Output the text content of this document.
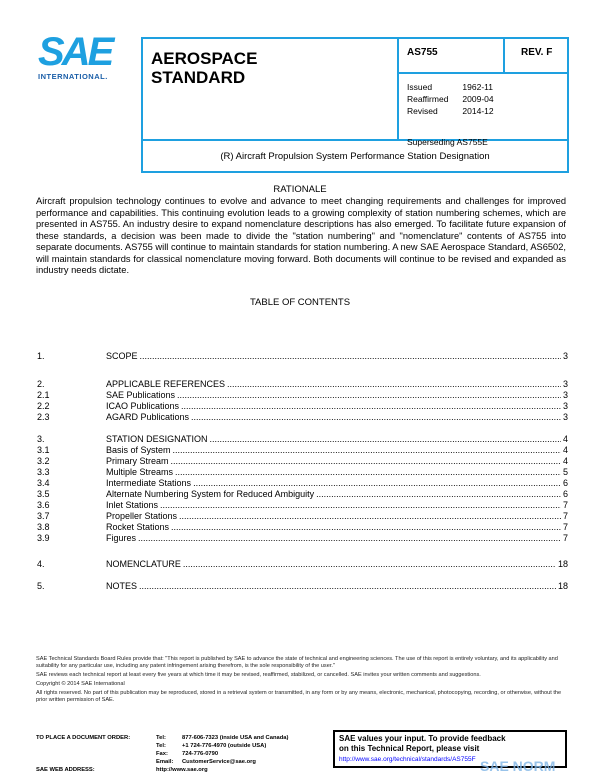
SAE
INTERNATIONAL.
AEROSPACE
STANDARD
AS755	REV. F
Issued	1962-11
Reaffirmed	2009-04
Revised	2014-12
Superseding AS755E
(R) Aircraft Propulsion System Performance Station Designation
RATIONALE
Aircraft propulsion technology continues to evolve and advance to meet changing requirements and challenges for improved performance and capabilities. This continuing evolution leads to a growing complexity of station numbering schemes, which are presented in AS755. An industry desire to expand nomenclature descriptions has also emerged. To facilitate future expansion of these standards, a decision was been made to divide the "station numbering" and "nomenclature" contents of AS755 into separate documents. AS755 will continue to maintain standards for station numbering. A new SAE Aerospace Standard, AS6502, will maintain standards for classical nomenclature moving forward. Both documents will continue to be revised and expanded as industry needs dictate.
TABLE OF CONTENTS
1.	SCOPE .....	3
2.	APPLICABLE REFERENCES .....	3
2.1	SAE Publications .....	3
2.2	ICAO Publications .....	3
2.3	AGARD Publications .....	3
3.	STATION DESIGNATION .....	4
3.1	Basis of System .....	4
3.2	Primary Stream .....	4
3.3	Multiple Streams .....	5
3.4	Intermediate Stations .....	6
3.5	Alternate Numbering System for Reduced Ambiguity .....	6
3.6	Inlet Stations .....	7
3.7	Propeller Stations .....	7
3.8	Rocket Stations .....	7
3.9	Figures .....	7
4.	NOMENCLATURE .....	18
5.	NOTES .....	18

SAE Technical Standards Board Rules provide that: "This report is published by SAE to advance the state of technical and engineering sciences. The use of this report is entirely voluntary, and its applicability and suitability for any particular use, including any patent infringement arising therefrom, is the sole responsibility of the user."

SAE reviews each technical report at least every five years at which time it may be revised, reaffirmed, stabilized, or cancelled. SAE invites your written comments and suggestions.

Copyright © 2014 SAE International

All rights reserved. No part of this publication may be reproduced, stored in a retrieval system or transmitted, in any form or by any means, electronic, mechanical, photocopying, recording, or otherwise, without the prior written permission of SAE.

TO PLACE A DOCUMENT ORDER:	Tel:	877-606-7323 (inside USA and Canada)
Tel:	+1 724-776-4970 (outside USA)
Fax: 724-776-0790
Email: CustomerService@sae.org
SAE WEB ADDRESS:	http://www.sae.org
SAE values your input. To provide feedback
on this Technical Report, please visit
http://www.sae.org/technical/standards/AS755F SAE NORM
